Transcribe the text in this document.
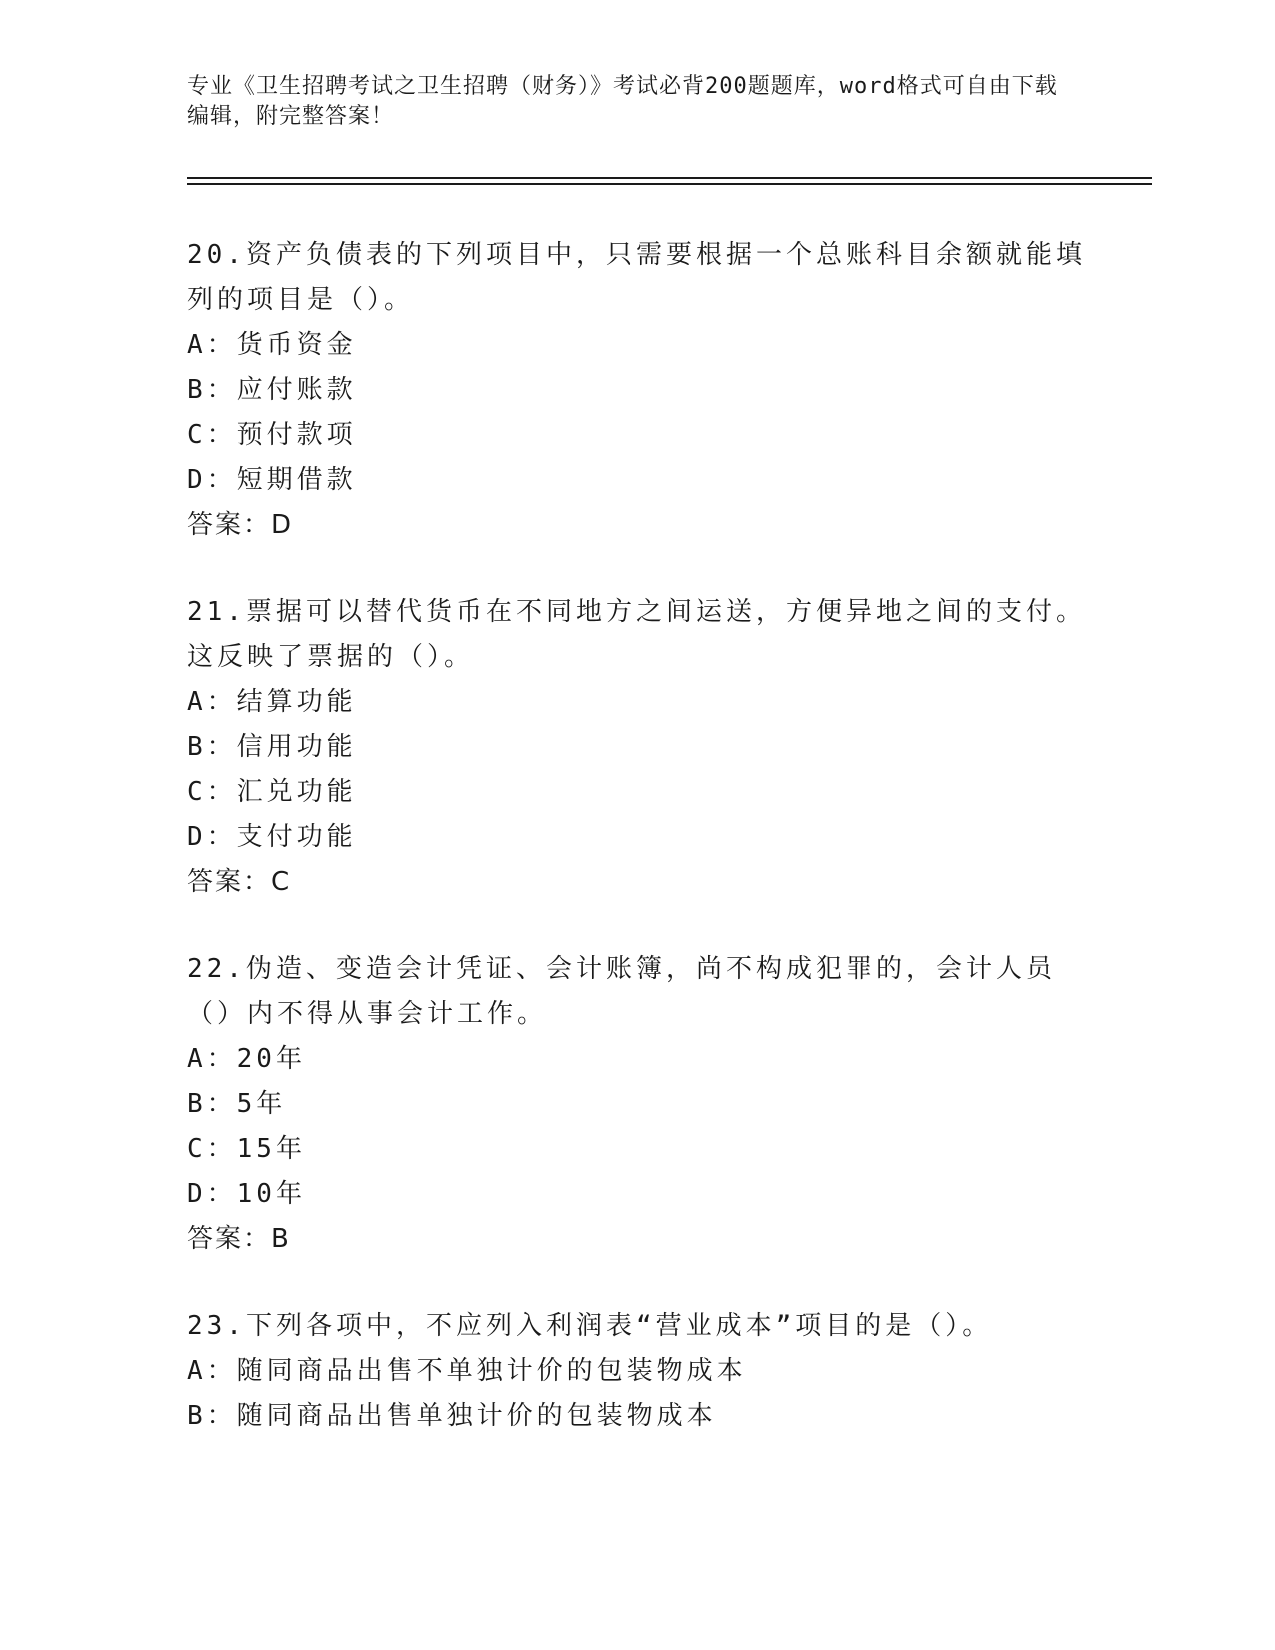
专业《卫生招聘考试之卫生招聘（财务）》考试必背200题题库，word格式可自由下载编辑，附完整答案！

20.资产负债表的下列项目中，只需要根据一个总账科目余额就能填列的项目是（）。

A：货币资金

B：应付账款

C：预付款项

D：短期借款

答案：D

21.票据可以替代货币在不同地方之间运送，方便异地之间的支付。这反映了票据的（）。

A：结算功能

B：信用功能

C：汇兑功能

D：支付功能

答案：C

22.伪造、变造会计凭证、会计账簿，尚不构成犯罪的，会计人员（）内不得从事会计工作。

A：20年

B：5年

C：15年

D：10年

答案：B

23.下列各项中，不应列入利润表“营业成本”项目的是（）。

A：随同商品出售不单独计价的包装物成本

B：随同商品出售单独计价的包装物成本
